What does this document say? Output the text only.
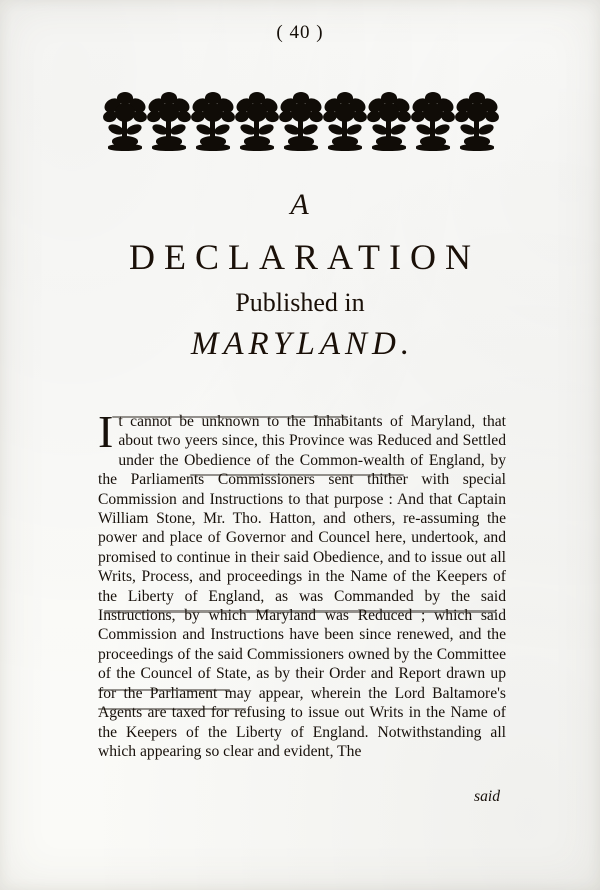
( 40 )
A
DECLARATION
Published in
MARYLAND.
I t cannot be unknown to the Inhabitants of Maryland, that about two yeers since, this Province was Reduced and Settled under the Obedience of the Common-wealth of England, by the Parliaments Commissioners sent thither with special Commission and Instructions to that purpose : And that Captain William Stone, Mr. Tho. Hatton, and others, re-assuming the power and place of Governor and Councel here, undertook, and promised to continue in their said Obedience, and to issue out all Writs, Process, and proceedings in the Name of the Keepers of the Liberty of England, as was Commanded by the said Instructions, by which Maryland was Reduced ; which said Commission and Instructions have been since renewed, and the proceedings of the said Commissioners owned by the Committee of the Councel of State, as by their Order and Report drawn up for the Parliament may appear, wherein the Lord Baltamore's Agents are taxed for refusing to issue out Writs in the Name of the Keepers of the Liberty of England. Notwithstanding all which appearing so clear and evident, The

said
